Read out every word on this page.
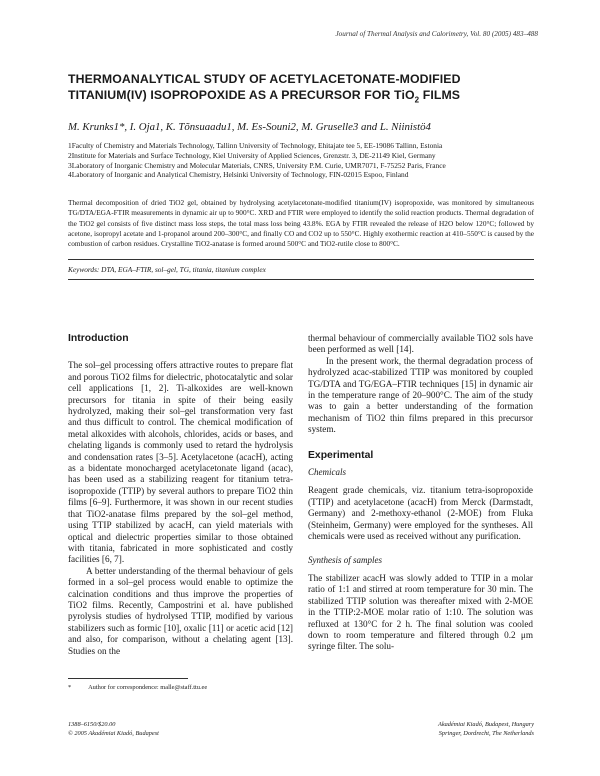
Journal of Thermal Analysis and Calorimetry, Vol. 80 (2005) 483–488
THERMOANALYTICAL STUDY OF ACETYLACETONATE-MODIFIED
TITANIUM(IV) ISOPROPOXIDE AS A PRECURSOR FOR TiO$_2$ FILMS
M. Krunks1*, I. Oja1, K. Tõnsuaadu1, M. Es-Souni2, M. Gruselle3 and L. Niinistö4
1Faculty of Chemistry and Materials Technology, Tallinn University of Technology, Ehitajate tee 5, EE-19086 Tallinn, Estonia
2Institute for Materials and Surface Technology, Kiel University of Applied Sciences, Grenzstr. 3, DE-21149 Kiel, Germany
3Laboratory of Inorganic Chemistry and Molecular Materials, CNRS, University P.M. Curie, UMR7071, F-75252 Paris, France
4Laboratory of Inorganic and Analytical Chemistry, Helsinki University of Technology, FIN-02015 Espoo, Finland
Thermal decomposition of dried TiO2 gel, obtained by hydrolysing acetylacetonate-modified titanium(IV) isopropoxide, was monitored by simultaneous TG/DTA/EGA-FTIR measurements in dynamic air up to 900°C. XRD and FTIR were employed to identify the solid reaction products. Thermal degradation of the TiO2 gel consists of five distinct mass loss steps, the total mass loss being 43.8%. EGA by FTIR revealed the release of H2O below 120°C; followed by acetone, isopropyl acetate and 1-propanol around 200–300°C, and finally CO and CO2 up to 550°C. Highly exothermic reaction at 410–550°C is caused by the combustion of carbon residues. Crystalline TiO2-anatase is formed around 500°C and TiO2-rutile close to 800°C.
Keywords: DTA, EGA–FTIR, sol–gel, TG, titania, titanium complex
Introduction

The sol–gel processing offers attractive routes to prepare flat and porous TiO2 films for dielectric, photocatalytic and solar cell applications [1, 2]. Ti-alkoxides are well-known precursors for titania in spite of their being easily hydrolyzed, making their sol–gel transformation very fast and thus difficult to control. The chemical modification of metal alkoxides with alcohols, chlorides, acids or bases, and chelating ligands is commonly used to retard the hydrolysis and condensation rates [3–5]. Acetylacetone (acacH), acting as a bidentate monocharged acetylacetonate ligand (acac), has been used as a stabilizing reagent for titanium tetra-isopropoxide (TTIP) by several authors to prepare TiO2 thin films [6–9]. Furthermore, it was shown in our recent studies that TiO2-anatase films prepared by the sol–gel method, using TTIP stabilized by acacH, can yield materials with optical and dielectric properties similar to those obtained with titania, fabricated in more sophisticated and costly facilities [6, 7].

A better understanding of the thermal behaviour of gels formed in a sol–gel process would enable to optimize the calcination conditions and thus improve the properties of TiO2 films. Recently, Campostrini et al. have published pyrolysis studies of hydrolysed TTIP, modified by various stabilizers such as formic [10], oxalic [11] or acetic acid [12] and also, for comparison, without a chelating agent [13]. Studies on the

thermal behaviour of commercially available TiO2 sols have been performed as well [14].

In the present work, the thermal degradation process of hydrolyzed acac-stabilized TTIP was monitored by coupled TG/DTA and TG/EGA–FTIR techniques [15] in dynamic air in the temperature range of 20–900°C. The aim of the study was to gain a better understanding of the formation mechanism of TiO2 thin films prepared in this precursor system.

Experimental
Chemicals

Reagent grade chemicals, viz. titanium tetra-isopropoxide (TTIP) and acetylacetone (acacH) from Merck (Darmstadt, Germany) and 2-methoxy-ethanol (2-MOE) from Fluka (Steinheim, Germany) were employed for the syntheses. All chemicals were used as received without any purification.

Synthesis of samples

The stabilizer acacH was slowly added to TTIP in a molar ratio of 1:1 and stirred at room temperature for 30 min. The stabilized TTIP solution was thereafter mixed with 2-MOE in the TTIP:2-MOE molar ratio of 1:10. The solution was refluxed at 130°C for 2 h. The final solution was cooled down to room temperature and filtered through 0.2 μm syringe filter. The solu-

*	Author for correspondence: malle@staff.ttu.ee
1388–6150/$20.00
© 2005 Akadémiai Kiadó, Budapest
Akadémiai Kiadó, Budapest, Hungary
Springer, Dordrecht, The Netherlands
